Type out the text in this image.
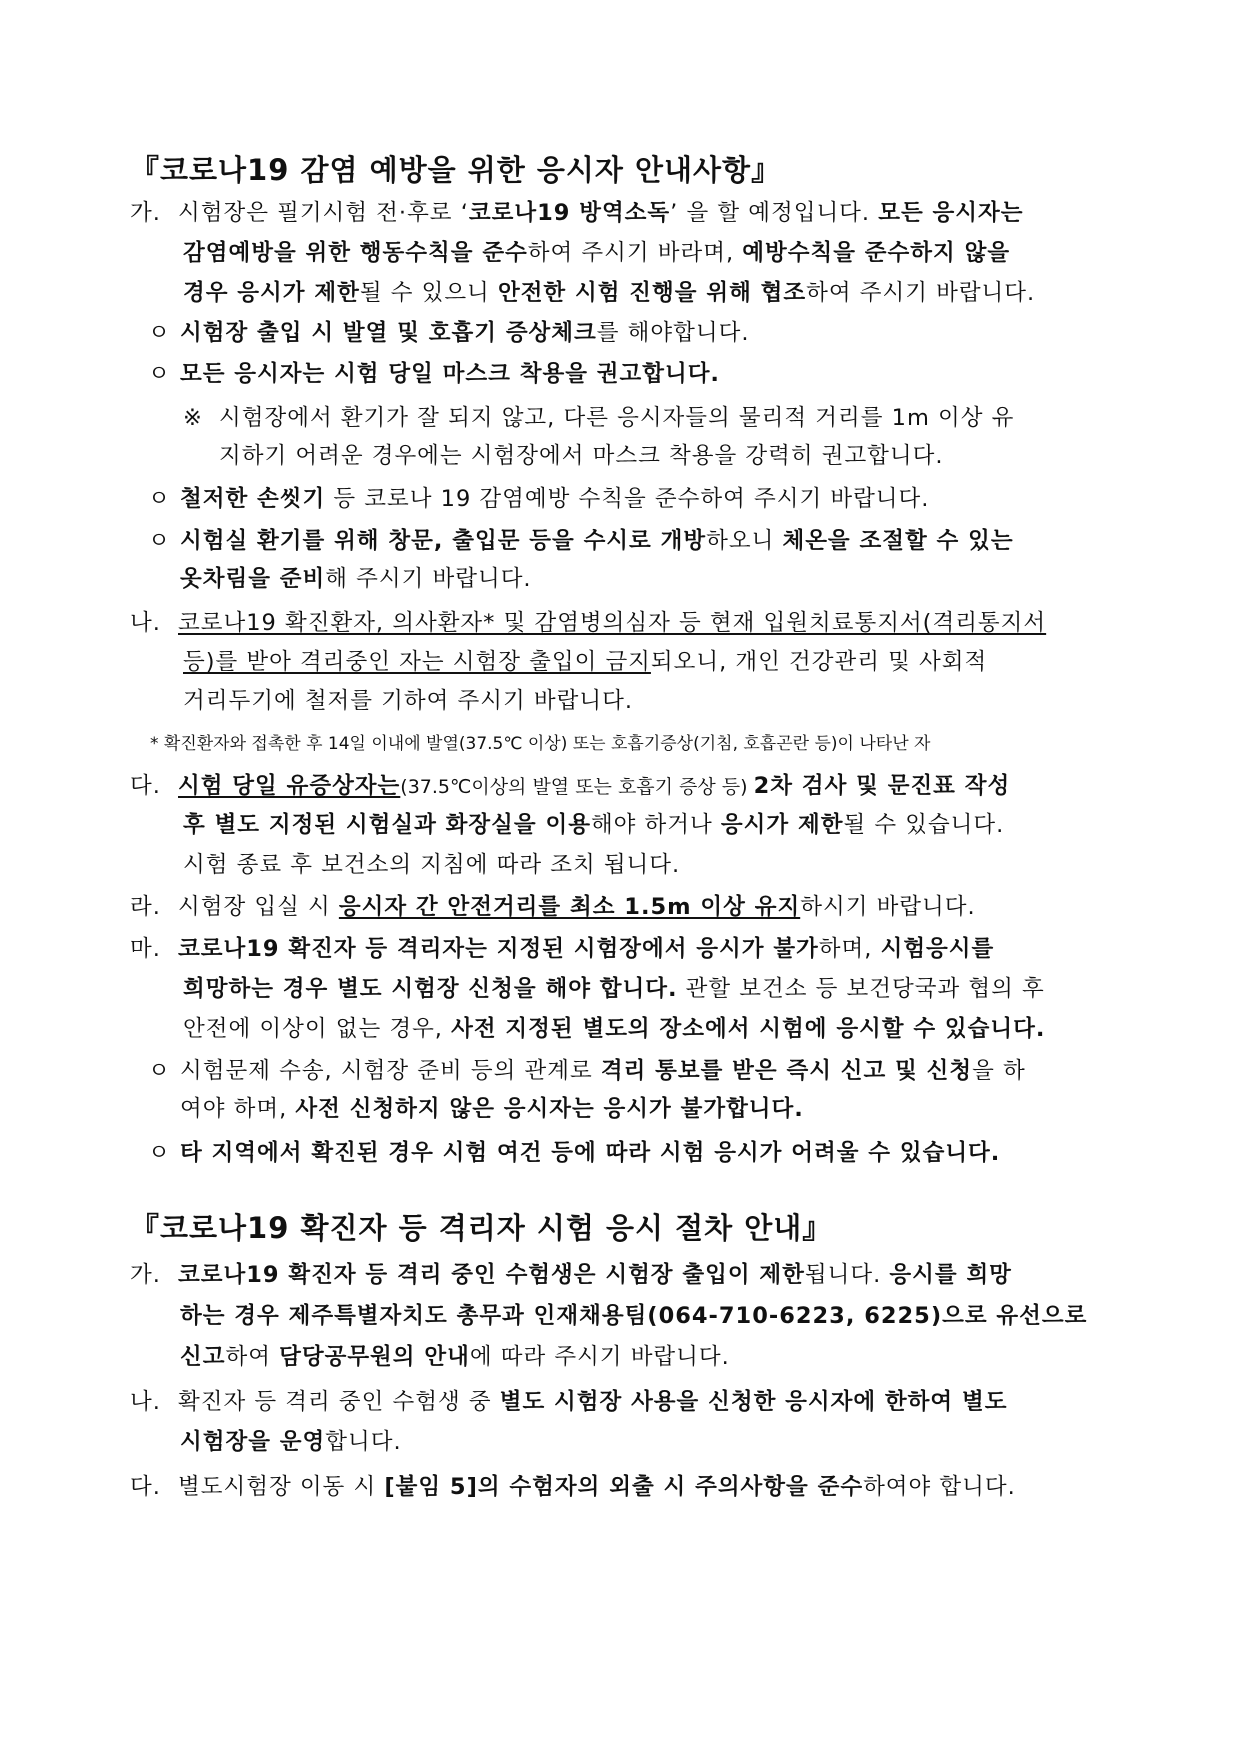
『코로나19 감염 예방을 위한 응시자 안내사항』
가. 시험장은 필기시험 전·후로 ‘코로나19 방역소독’ 을 할 예정입니다. 모든 응시자는
감염예방을 위한 행동수칙을 준수하여 주시기 바라며, 예방수칙을 준수하지 않을
경우 응시가 제한될 수 있으니 안전한 시험 진행을 위해 협조하여 주시기 바랍니다.
ㅇ 시험장 출입 시 발열 및 호흡기 증상체크를 해야합니다.
ㅇ 모든 응시자는 시험 당일 마스크 착용을 권고합니다.
※ 시험장에서 환기가 잘 되지 않고, 다른 응시자들의 물리적 거리를 1m 이상 유
지하기 어려운 경우에는 시험장에서 마스크 착용을 강력히 권고합니다.
ㅇ 철저한 손씻기 등 코로나 19 감염예방 수칙을 준수하여 주시기 바랍니다.
ㅇ 시험실 환기를 위해 창문, 출입문 등을 수시로 개방하오니 체온을 조절할 수 있는
옷차림을 준비해 주시기 바랍니다.
나. 코로나19 확진환자, 의사환자* 및 감염병의심자 등 현재 입원치료통지서(격리통지서
등)를 받아 격리중인 자는 시험장 출입이 금지되오니, 개인 건강관리 및 사회적
거리두기에 철저를 기하여 주시기 바랍니다.
* 확진환자와 접촉한 후 14일 이내에 발열(37.5℃ 이상) 또는 호흡기증상(기침, 호흡곤란 등)이 나타난 자
다. 시험 당일 유증상자는(37.5℃이상의 발열 또는 호흡기 증상 등) 2차 검사 및 문진표 작성
후 별도 지정된 시험실과 화장실을 이용해야 하거나 응시가 제한될 수 있습니다.
시험 종료 후 보건소의 지침에 따라 조치 됩니다.
라. 시험장 입실 시 응시자 간 안전거리를 최소 1.5m 이상 유지하시기 바랍니다.
마. 코로나19 확진자 등 격리자는 지정된 시험장에서 응시가 불가하며, 시험응시를
희망하는 경우 별도 시험장 신청을 해야 합니다. 관할 보건소 등 보건당국과 협의 후
안전에 이상이 없는 경우, 사전 지정된 별도의 장소에서 시험에 응시할 수 있습니다.
ㅇ 시험문제 수송, 시험장 준비 등의 관계로 격리 통보를 받은 즉시 신고 및 신청을 하
여야 하며, 사전 신청하지 않은 응시자는 응시가 불가합니다.
ㅇ 타 지역에서 확진된 경우 시험 여건 등에 따라 시험 응시가 어려울 수 있습니다.
『코로나19 확진자 등 격리자 시험 응시 절차 안내』
가. 코로나19 확진자 등 격리 중인 수험생은 시험장 출입이 제한됩니다. 응시를 희망
하는 경우 제주특별자치도 총무과 인재채용팀(064-710-6223, 6225)으로 유선으로
신고하여 담당공무원의 안내에 따라 주시기 바랍니다.
나. 확진자 등 격리 중인 수험생 중 별도 시험장 사용을 신청한 응시자에 한하여 별도
시험장을 운영합니다.
다. 별도시험장 이동 시 [붙임 5]의 수험자의 외출 시 주의사항을 준수하여야 합니다.
